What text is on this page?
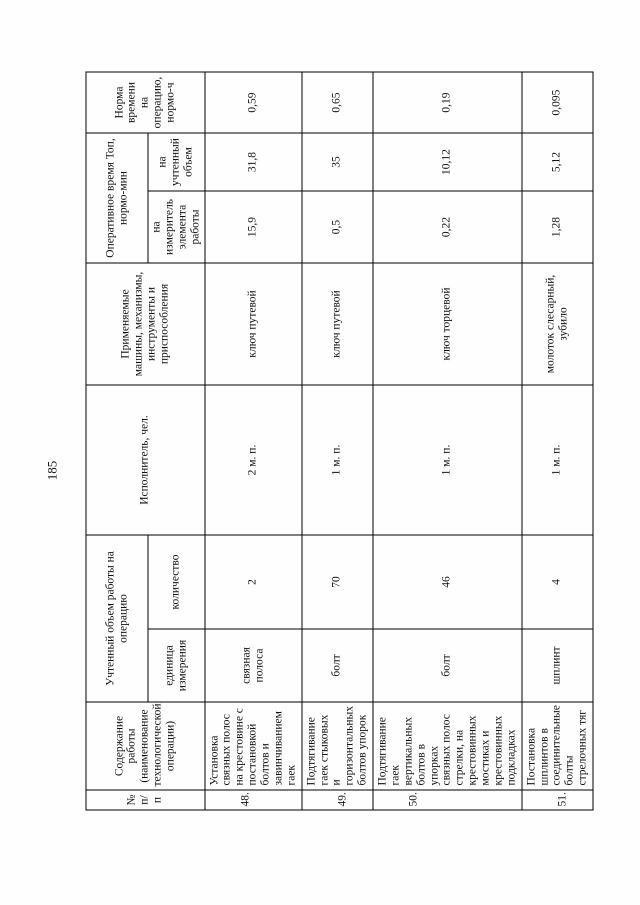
185
№ п/п	Содержание работы (наименование технологической операции)	Учтенный объем работы на операцию		Исполнитель, чел.	Применяемые машины, механизмы, инструменты и приспособления	Оперативное время Топ, нормо-мин		Норма времени на операцию, нормо-ч
		единица измерения	количество			на измеритель элемента работы	на учтенный объем	
48.	Установка связных полос на крестовине с постановкой болтов и завинчиванием гаек	связная полоса	2	2 м. п.	ключ путевой	15,9	31,8	0,59
49.	Подтягивание гаек стыковых и горизонтальных болтов упорок	болт	70	1 м. п.	ключ путевой	0,5	35	0,65
50.	Подтягивание гаек вертикальных болтов в упорках связных полос стрелки, на крестовинных мостиках и крестовинных подкладках	болт	46	1 м. п.	ключ торцевой	0,22	10,12	0,19
51.	Постановка шплинтов в соединительные болты стрелочных тяг	шплинт	4	1 м. п.	молоток слесарный, зубило	1,28	5,12	0,095
